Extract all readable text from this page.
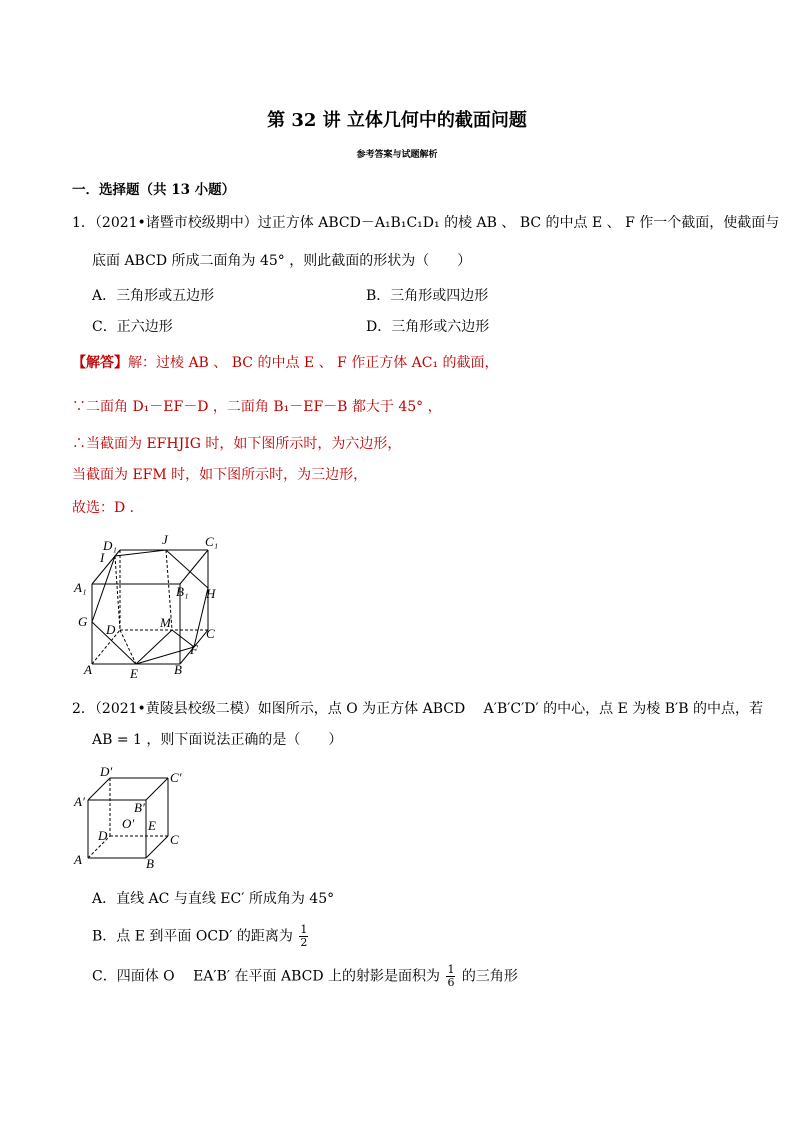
第 32 讲 立体几何中的截面问题
参考答案与试题解析
一．选择题（共 13 小题）
1．（2021•诸暨市校级期中）过正方体 ABCD－A₁B₁C₁D₁ 的棱 AB 、 BC 的中点 E 、 F 作一个截面，使截面与
底面 ABCD 所成二面角为 45° ，则此截面的形状为（　　）
A．三角形或五边形	B．三角形或四边形
C．正六边形	D．三角形或六边形
【解答】解：过棱 AB 、 BC 的中点 E 、 F 作正方体 AC₁ 的截面，
∵二面角 D₁－EF－D ，二面角 B₁－EF－B 都大于 45° ，
∴当截面为 EFHJIG 时，如下图所示时，为六边形，
当截面为 EFM 时，如下图所示时，为三边形，
故选：D ．
D₁	J	C₁
I
A₁	B₁ H
G
D	M
C
F
A	E	B
2．（2021•黄陵县校级二模）如图所示，点 O 为正方体 ABCD　 A′B′C′D′ 的中心，点 E 为棱 B′B 的中点，若
AB = 1 ，则下面说法正确的是（　　）
D′	C′
A′	B′
O′ E
D	C
A	B
A．直线 AC 与直线 EC′ 所成角为 45°
B．点 E 到平面 OCD′ 的距离为 $\frac{1}{2}$
C．四面体 O　 EA′B′ 在平面 ABCD 上的射影是面积为 $\frac{1}{6}$ 的三角形
